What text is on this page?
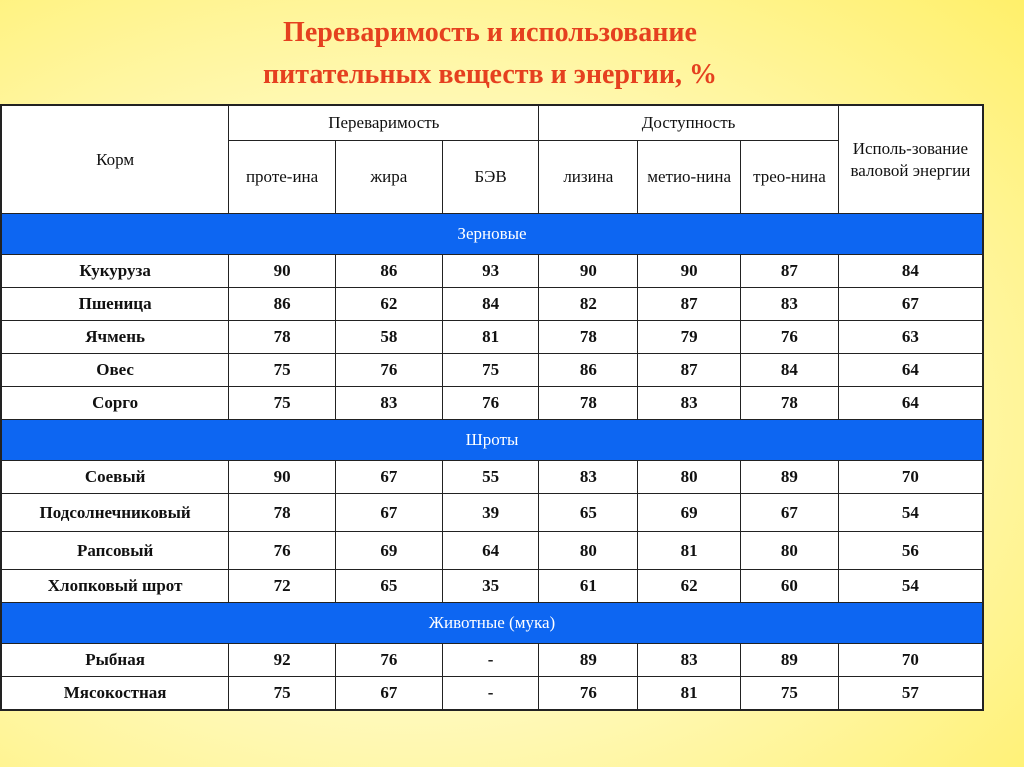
Переваримость и использование
питательных веществ и энергии, %
Корм	Переваримость			Доступность			Исполь-зование валовой энергии
	проте-ина	жира	БЭВ	лизина	метио-нина	трео-нина	
Зерновые							
Кукуруза	90	86	93	90	90	87	84
Пшеница	86	62	84	82	87	83	67
Ячмень	78	58	81	78	79	76	63
Овес	75	76	75	86	87	84	64
Сорго	75	83	76	78	83	78	64
Шроты							
Соевый	90	67	55	83	80	89	70
Подсолнечниковый	78	67	39	65	69	67	54
Рапсовый	76	69	64	80	81	80	56
Хлопковый шрот	72	65	35	61	62	60	54
Животные (мука)							
Рыбная	92	76	-	89	83	89	70
Мясокостная	75	67	-	76	81	75	57
